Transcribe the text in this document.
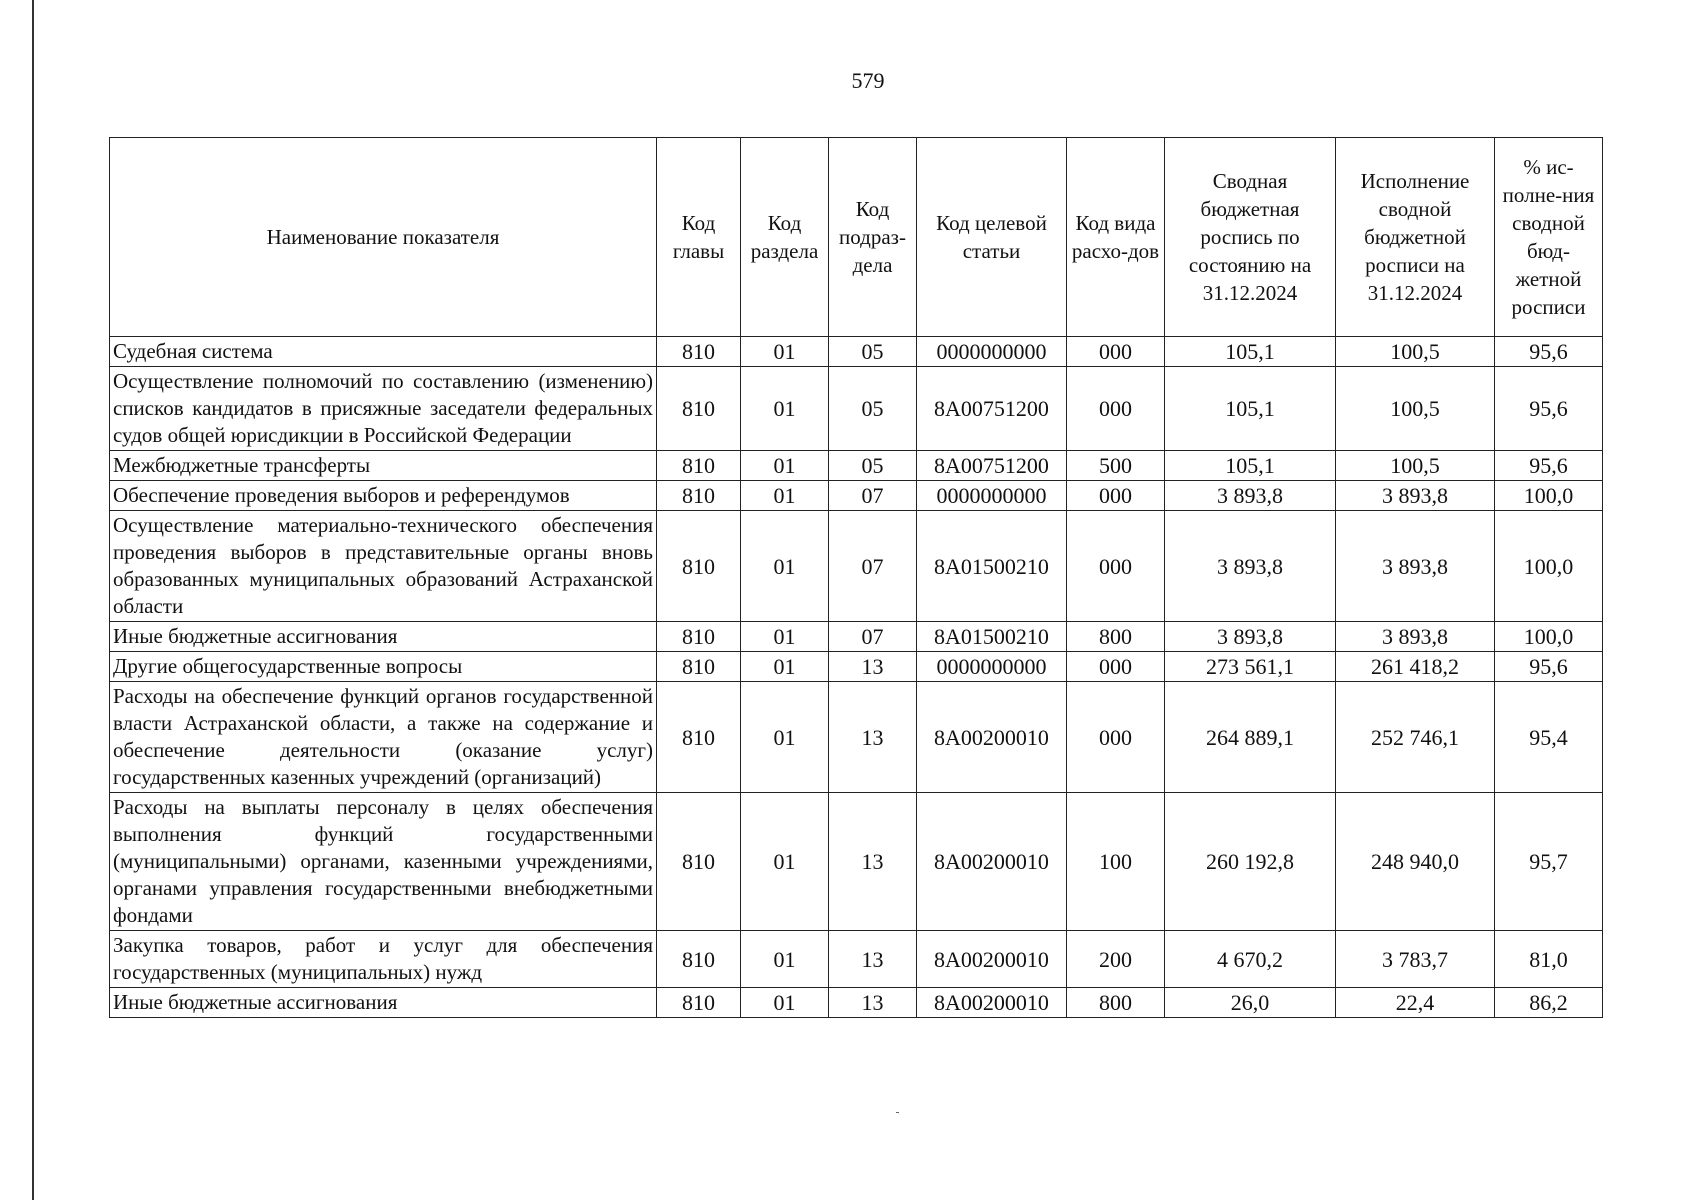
579
Наименование показателя	Код главы	Код раздела	Код подраз-дела	Код целевой статьи	Код вида расхо-дов	Сводная бюджетная роспись по состоянию на 31.12.2024	Исполнение сводной бюджетной росписи на 31.12.2024	% ис-полне-ния сводной бюд-жетной росписи
Судебная система	810	01	05	0000000000	000	105,1	100,5	95,6
Осуществление полномочий по составлению (изменению) списков кандидатов в присяжные заседатели федеральных судов общей юрисдикции в Российской Федерации	810	01	05	8А00751200	000	105,1	100,5	95,6
Межбюджетные трансферты	810	01	05	8А00751200	500	105,1	100,5	95,6
Обеспечение проведения выборов и референдумов	810	01	07	0000000000	000	3 893,8	3 893,8	100,0
Осуществление материально-технического обеспечения проведения выборов в представительные органы вновь образованных муниципальных образований Астраханской области	810	01	07	8А01500210	000	3 893,8	3 893,8	100,0
Иные бюджетные ассигнования	810	01	07	8А01500210	800	3 893,8	3 893,8	100,0
Другие общегосударственные вопросы	810	01	13	0000000000	000	273 561,1	261 418,2	95,6
Расходы на обеспечение функций органов государственной власти Астраханской области, а также на содержание и обеспечение деятельности (оказание услуг) государственных казенных учреждений (организаций)	810	01	13	8А00200010	000	264 889,1	252 746,1	95,4
Расходы на выплаты персоналу в целях обеспечения выполнения функций государственными (муниципальными) органами, казенными учреждениями, органами управления государственными внебюджетными фондами	810	01	13	8А00200010	100	260 192,8	248 940,0	95,7
Закупка товаров, работ и услуг для обеспечения государственных (муниципальных) нужд	810	01	13	8А00200010	200	4 670,2	3 783,7	81,0
Иные бюджетные ассигнования	810	01	13	8А00200010	800	26,0	22,4	86,2
